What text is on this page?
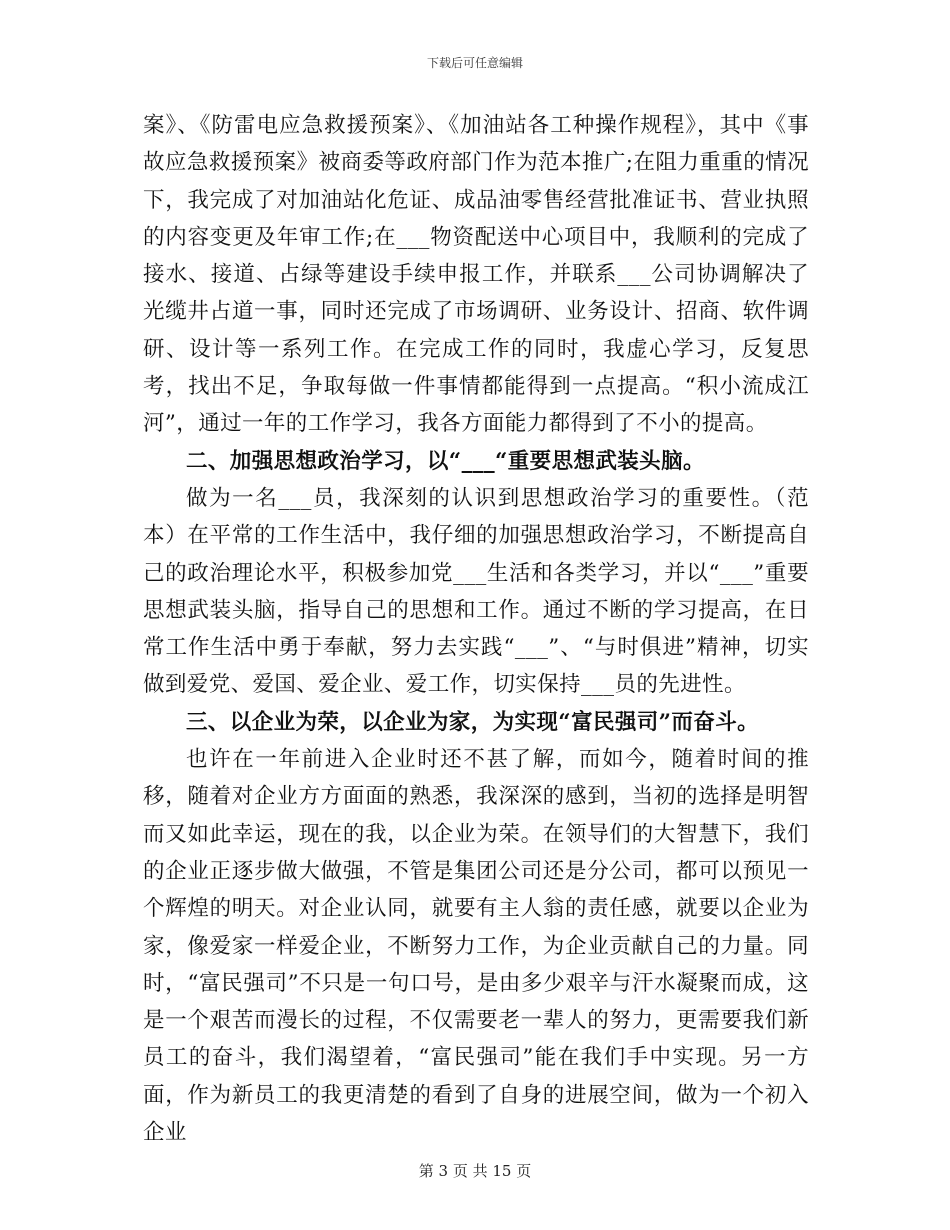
下载后可任意编辑

案》、《防雷电应急救援预案》、《加油站各工种操作规程》，其中《事故应急救援预案》被商委等政府部门作为范本推广;在阻力重重的情况下，我完成了对加油站化危证、成品油零售经营批准证书、营业执照的内容变更及年审工作;在___物资配送中心项目中，我顺利的完成了接水、接道、占绿等建设手续申报工作，并联系___公司协调解决了光缆井占道一事，同时还完成了市场调研、业务设计、招商、软件调研、设计等一系列工作。在完成工作的同时，我虚心学习，反复思考，找出不足，争取每做一件事情都能得到一点提高。“积小流成江河”，通过一年的工作学习，我各方面能力都得到了不小的提高。

二、加强思想政治学习，以“___“重要思想武装头脑。

做为一名___员，我深刻的认识到思想政治学习的重要性。（范本）在平常的工作生活中，我仔细的加强思想政治学习，不断提高自己的政治理论水平，积极参加党___生活和各类学习，并以“___”重要思想武装头脑，指导自己的思想和工作。通过不断的学习提高，在日常工作生活中勇于奉献，努力去实践“___”、“与时俱进”精神，切实做到爱党、爱国、爱企业、爱工作，切实保持___员的先进性。

三、以企业为荣，以企业为家，为实现“富民强司”而奋斗。

也许在一年前进入企业时还不甚了解，而如今，随着时间的推移，随着对企业方方面面的熟悉，我深深的感到，当初的选择是明智而又如此幸运，现在的我，以企业为荣。在领导们的大智慧下，我们的企业正逐步做大做强，不管是集团公司还是分公司，都可以预见一个辉煌的明天。对企业认同，就要有主人翁的责任感，就要以企业为家，像爱家一样爱企业，不断努力工作，为企业贡献自己的力量。同时，“富民强司”不只是一句口号，是由多少艰辛与汗水凝聚而成，这是一个艰苦而漫长的过程，不仅需要老一辈人的努力，更需要我们新员工的奋斗，我们渴望着，“富民强司”能在我们手中实现。另一方面，作为新员工的我更清楚的看到了自身的进展空间，做为一个初入企业

第 3 页 共 15 页
